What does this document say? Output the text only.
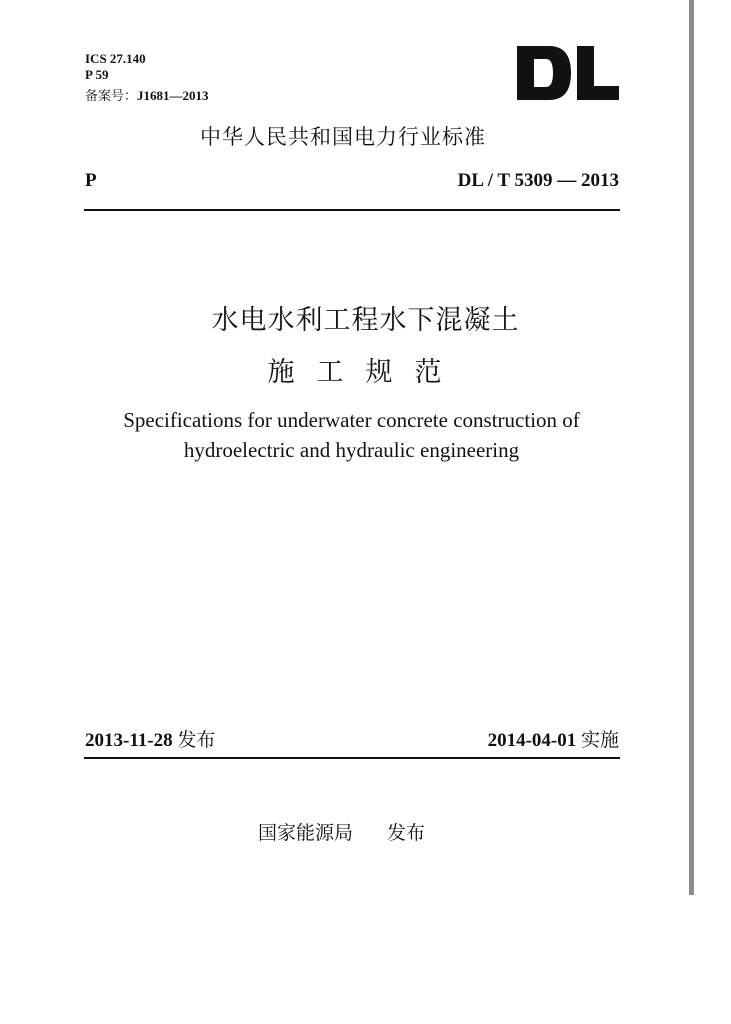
ICS 27.140
P 59
备案号：J1681—2013
中华人民共和国电力行业标准
P	DL / T 5309 — 2013
水电水利工程水下混凝土
施工规范
Specifications for underwater concrete construction of
hydroelectric and hydraulic engineering
2013-11-28 发布	2014-04-01 实施
国家能源局 发布
